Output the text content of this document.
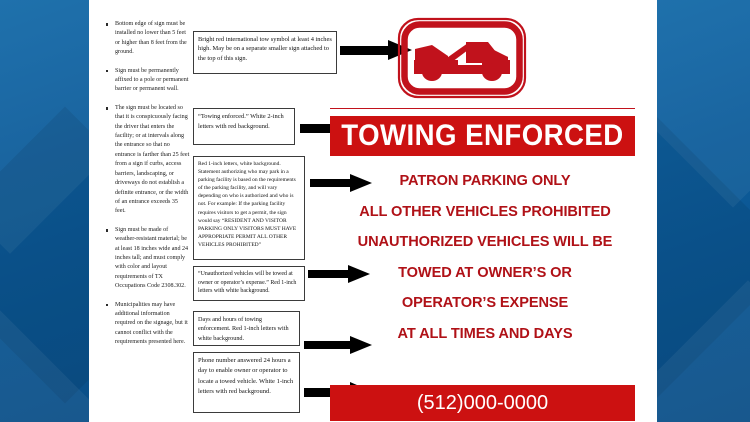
Bottom edge of sign must be installed no lower than 5 feet or higher than 8 feet from the ground.
Sign must be permanently affixed to a pole or permanent barrier or permanent wall.
The sign must be located so that it is conspicuously facing the driver that enters the facility; or at intervals along the entrance so that no entrance is farther than 25 feet from a sign if curbs, access barriers, landscaping, or driveways do not establish a definite entrance, or the width of an entrance exceeds 35 feet.
Sign must be made of weather-resistant material; be at least 18 inches wide and 24 inches tall; and must comply with color and layout requirements of TX Occupations Code 2308.302.
Municipalities may have additional information required on the signage, but it cannot conflict with the requirements presented here.

Bright red international tow symbol at least 4 inches high. May be on a separate smaller sign attached to the top of this sign.

“Towing enforced.” White 2-inch letters with red background.

Red 1-inch letters, white background. Statement authorizing who may park in a parking facility is based on the requirements of the parking facility, and will vary depending on who is authorized and who is not. For example: If the parking facility requires visitors to get a permit, the sign would say “RESIDENT AND VISITOR PARKING ONLY VISITORS MUST HAVE APPROPRIATE PERMIT ALL OTHER VEHICLES PROHIBITED”

“Unauthorized vehicles will be towed at owner or operator’s expense.” Red 1-inch letters with white background.

Days and hours of towing enforcement. Red 1-inch letters with white background.

Phone number answered 24 hours a day to enable owner or operator to locate a towed vehicle. White 1-inch letters with red background.

TOWING ENFORCED
PATRON PARKING ONLY
ALL OTHER VEHICLES PROHIBITED
UNAUTHORIZED VEHICLES WILL BE
TOWED AT OWNER’S OR
OPERATOR’S EXPENSE
AT ALL TIMES AND DAYS
(512)000-0000
